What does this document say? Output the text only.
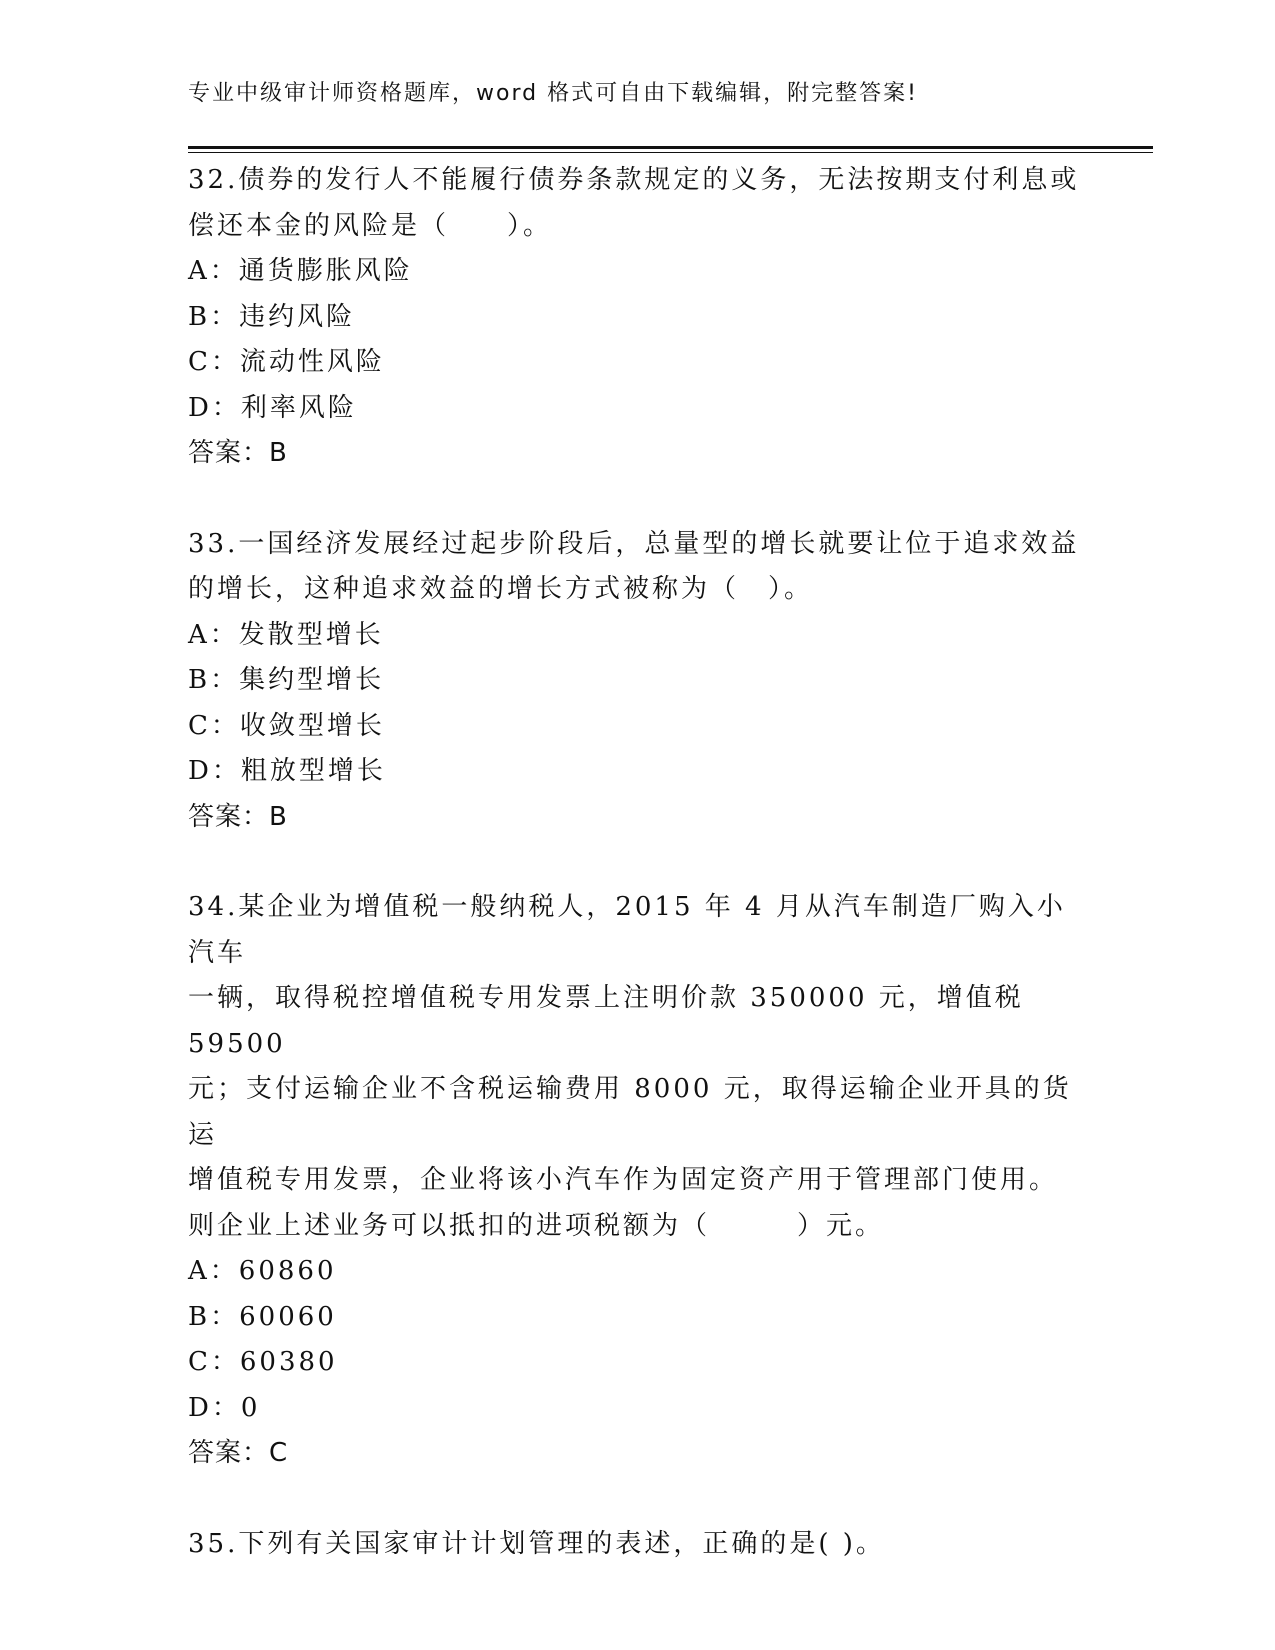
专业中级审计师资格题库，word 格式可自由下载编辑，附完整答案!

32.债券的发行人不能履行债券条款规定的义务，无法按期支付利息或
偿还本金的风险是（　　）。

A：通货膨胀风险

B：违约风险

C：流动性风险

D：利率风险

答案：B

33.一国经济发展经过起步阶段后，总量型的增长就要让位于追求效益
的增长，这种追求效益的增长方式被称为（　）。

A：发散型增长

B：集约型增长

C：收敛型增长

D：粗放型增长

答案：B

34.某企业为增值税一般纳税人，2015 年 4 月从汽车制造厂购入小汽车
一辆，取得税控增值税专用发票上注明价款 350000 元，增值税 59500
元；支付运输企业不含税运输费用 8000 元，取得运输企业开具的货运
增值税专用发票，企业将该小汽车作为固定资产用于管理部门使用。
则企业上述业务可以抵扣的进项税额为（　　　）元。

A：60860

B：60060

C：60380

D：0

答案：C

35.下列有关国家审计计划管理的表述，正确的是( )。
